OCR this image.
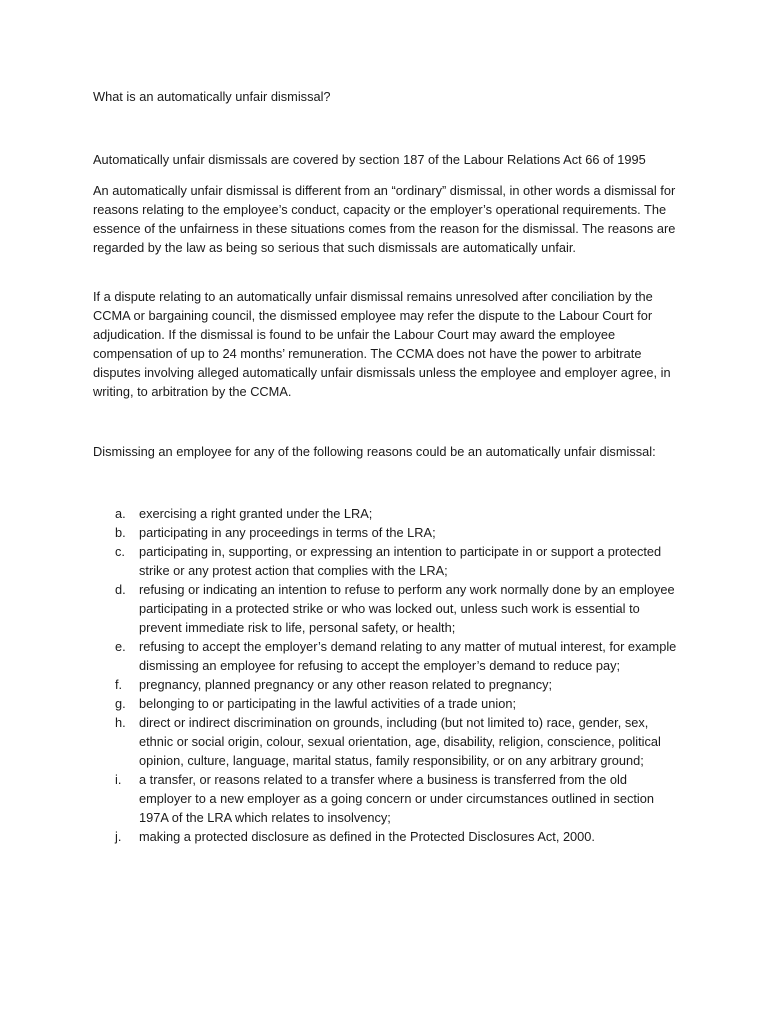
What is an automatically unfair dismissal?

Automatically unfair dismissals are covered by section 187 of the Labour Relations Act 66 of 1995

An automatically unfair dismissal is different from an “ordinary” dismissal, in other words a dismissal for reasons relating to the employee’s conduct, capacity or the employer’s operational requirements. The essence of the unfairness in these situations comes from the reason for the dismissal. The reasons are regarded by the law as being so serious that such dismissals are automatically unfair.

If a dispute relating to an automatically unfair dismissal remains unresolved after conciliation by the CCMA or bargaining council, the dismissed employee may refer the dispute to the Labour Court for adjudication. If the dismissal is found to be unfair the Labour Court may award the employee compensation of up to 24 months’ remuneration. The CCMA does not have the power to arbitrate disputes involving alleged automatically unfair dismissals unless the employee and employer agree, in writing, to arbitration by the CCMA.

Dismissing an employee for any of the following reasons could be an automatically unfair dismissal:

a. exercising a right granted under the LRA;
b. participating in any proceedings in terms of the LRA;
c. participating in, supporting, or expressing an intention to participate in or support a protected strike or any protest action that complies with the LRA;
d. refusing or indicating an intention to refuse to perform any work normally done by an employee participating in a protected strike or who was locked out, unless such work is essential to prevent immediate risk to life, personal safety, or health;
e. refusing to accept the employer’s demand relating to any matter of mutual interest, for example dismissing an employee for refusing to accept the employer’s demand to reduce pay;
f. pregnancy, planned pregnancy or any other reason related to pregnancy;
g. belonging to or participating in the lawful activities of a trade union;
h. direct or indirect discrimination on grounds, including (but not limited to) race, gender, sex, ethnic or social origin, colour, sexual orientation, age, disability, religion, conscience, political opinion, culture, language, marital status, family responsibility, or on any arbitrary ground;
i. a transfer, or reasons related to a transfer where a business is transferred from the old employer to a new employer as a going concern or under circumstances outlined in section 197A of the LRA which relates to insolvency;
j. making a protected disclosure as defined in the Protected Disclosures Act, 2000.
